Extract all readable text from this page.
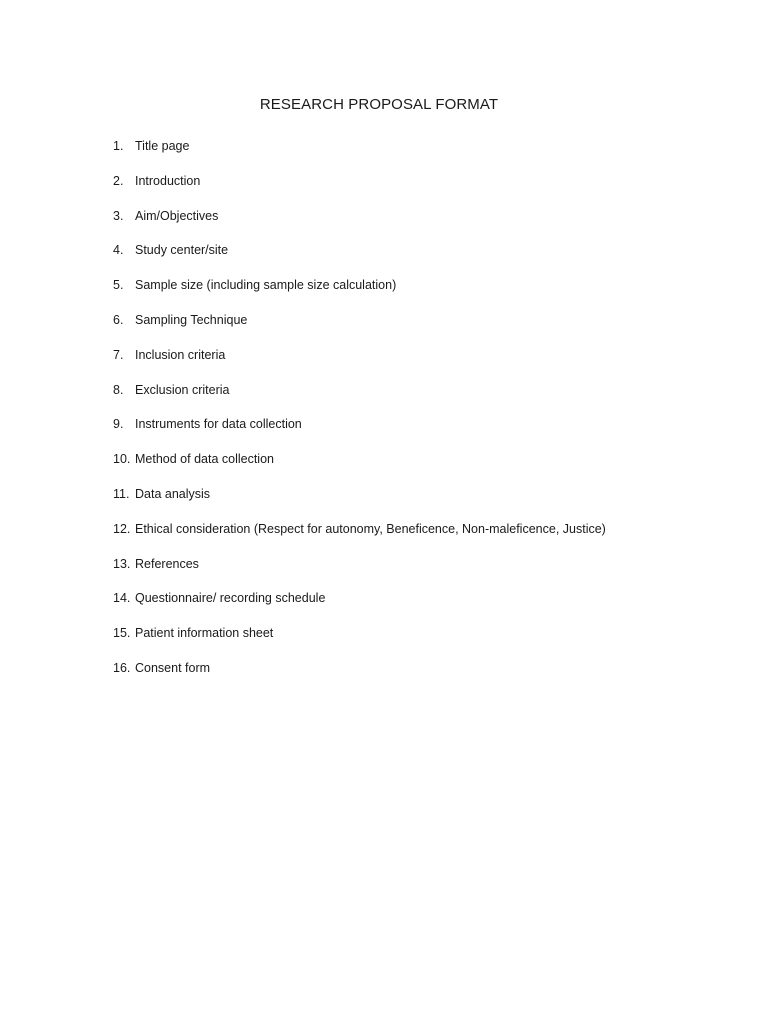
RESEARCH PROPOSAL FORMAT
1. Title page
2. Introduction
3. Aim/Objectives
4. Study center/site
5. Sample size (including sample size calculation)
6. Sampling Technique
7. Inclusion criteria
8. Exclusion criteria
9. Instruments for data collection
10. Method of data collection
11. Data analysis
12. Ethical consideration (Respect for autonomy, Beneficence, Non-maleficence, Justice)
13. References
14. Questionnaire/ recording schedule
15. Patient information sheet
16. Consent form
